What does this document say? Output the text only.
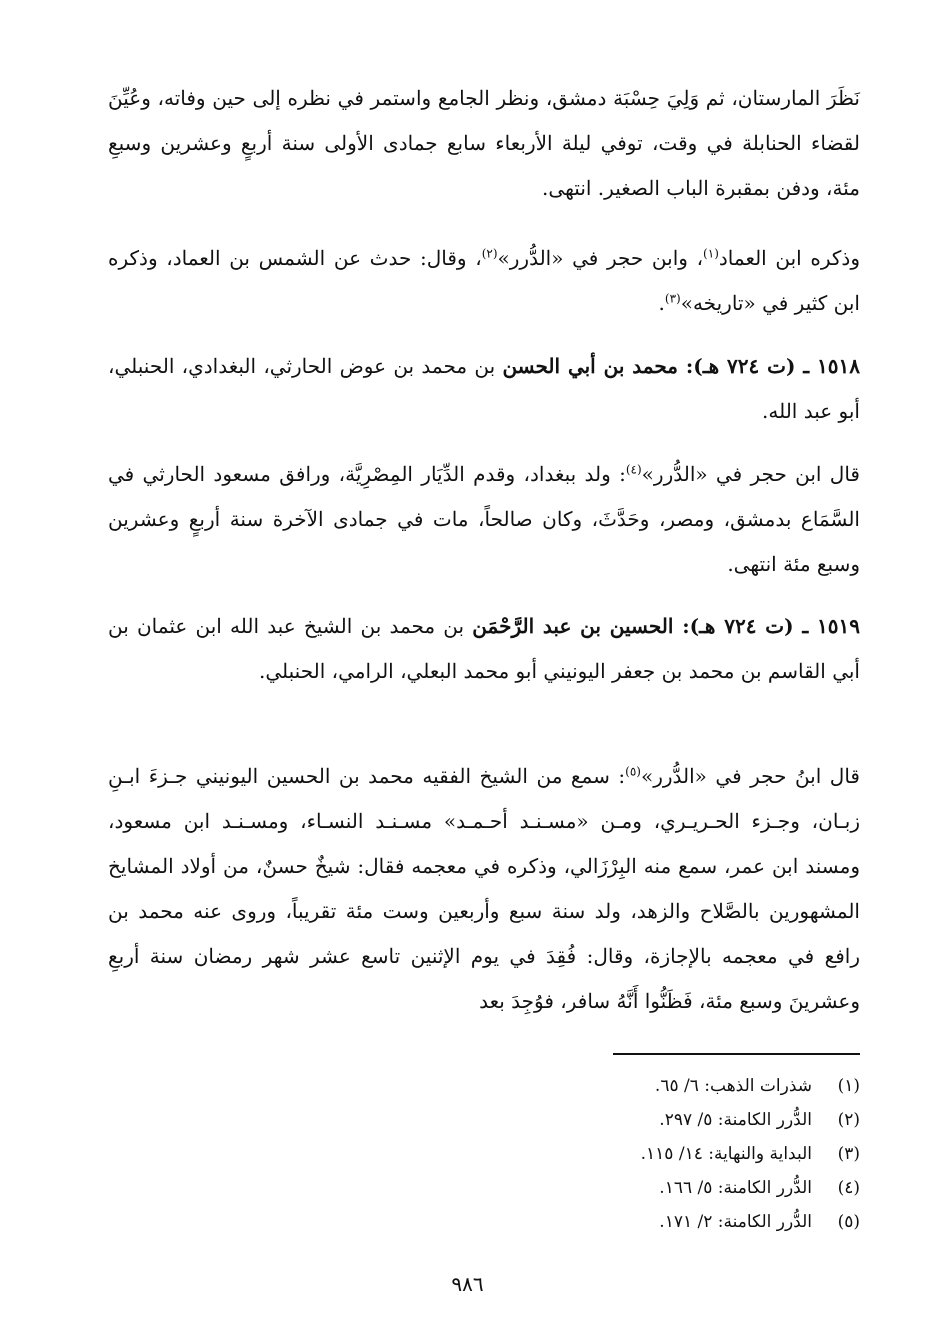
نَظَرَ المارستان، ثم وَلِيَ حِسْبَة دمشق، ونظر الجامع واستمر في نظره إلى حين وفاته، وعُيِّنَ لقضاء الحنابلة في وقت، توفي ليلة الأربعاء سابع جمادى الأولى سنة أربعٍ وعشرين وسبعِ مئة، ودفن بمقبرة الباب الصغير. انتهى.
وذكره ابن العماد$^{(١)}$، وابن حجر في «الدُّرر»$^{(٢)}$، وقال: حدث عن الشمس بن العماد، وذكره ابن كثير في «تاريخه»$^{(٣)}$.
١٥١٨ ـ (ت ٧٢٤ هـ): محمد بن أبي الحسن بن محمد بن عوض الحارثي، البغدادي، الحنبلي، أبو عبد الله.
قال ابن حجر في «الدُّرر»$^{(٤)}$: ولد ببغداد، وقدم الدِّيَار المِصْرِيَّة، ورافق مسعود الحارثي في السَّمَاع بدمشق، ومصر، وحَدَّثَ، وكان صالحاً، مات في جمادى الآخرة سنة أربعٍ وعشرين وسبع مئة انتهى.
١٥١٩ ـ (ت ٧٢٤ هـ): الحسين بن عبد الرَّحْمَن بن محمد بن الشيخ عبد الله ابن عثمان بن أبي القاسم بن محمد بن جعفر اليونيني أبو محمد البعلي، الرامي، الحنبلي.
قال ابنُ حجر في «الدُّرر»$^{(٥)}$: سمع من الشيخ الفقيه محمد بن الحسين اليونيني جـزءَ ابـنِ زبـان، وجـزء الحـريـري، ومـن «مسـنـد أحـمـد» مسـنـد النسـاء، ومسـنـد ابن مسعود، ومسند ابن عمر، سمع منه البِرْزَالي، وذكره في معجمه فقال: شيخٌ حسنٌ، من أولاد المشايخ المشهورين بالصَّلاح والزهد، ولد سنة سبع وأربعين وست مئة تقريباً، وروى عنه محمد بن رافع في معجمه بالإجازة، وقال: فُقِدَ في يوم الإثنين تاسع عشر شهر رمضان سنة أربعِ وعشرينَ وسبع مئة، فَظَنُّوا أَنَّهُ سافر، فوُجِدَ بعد
(١)
شذرات الذهب: ٦/ ٦٥.
(٢)
الدُّرر الكامنة: ٥/ ٢٩٧.
(٣)
البداية والنهاية: ١٤/ ١١٥.
(٤)
الدُّرر الكامنة: ٥/ ١٦٦.
(٥)
الدُّرر الكامنة: ٢/ ١٧١.
٩٨٦
